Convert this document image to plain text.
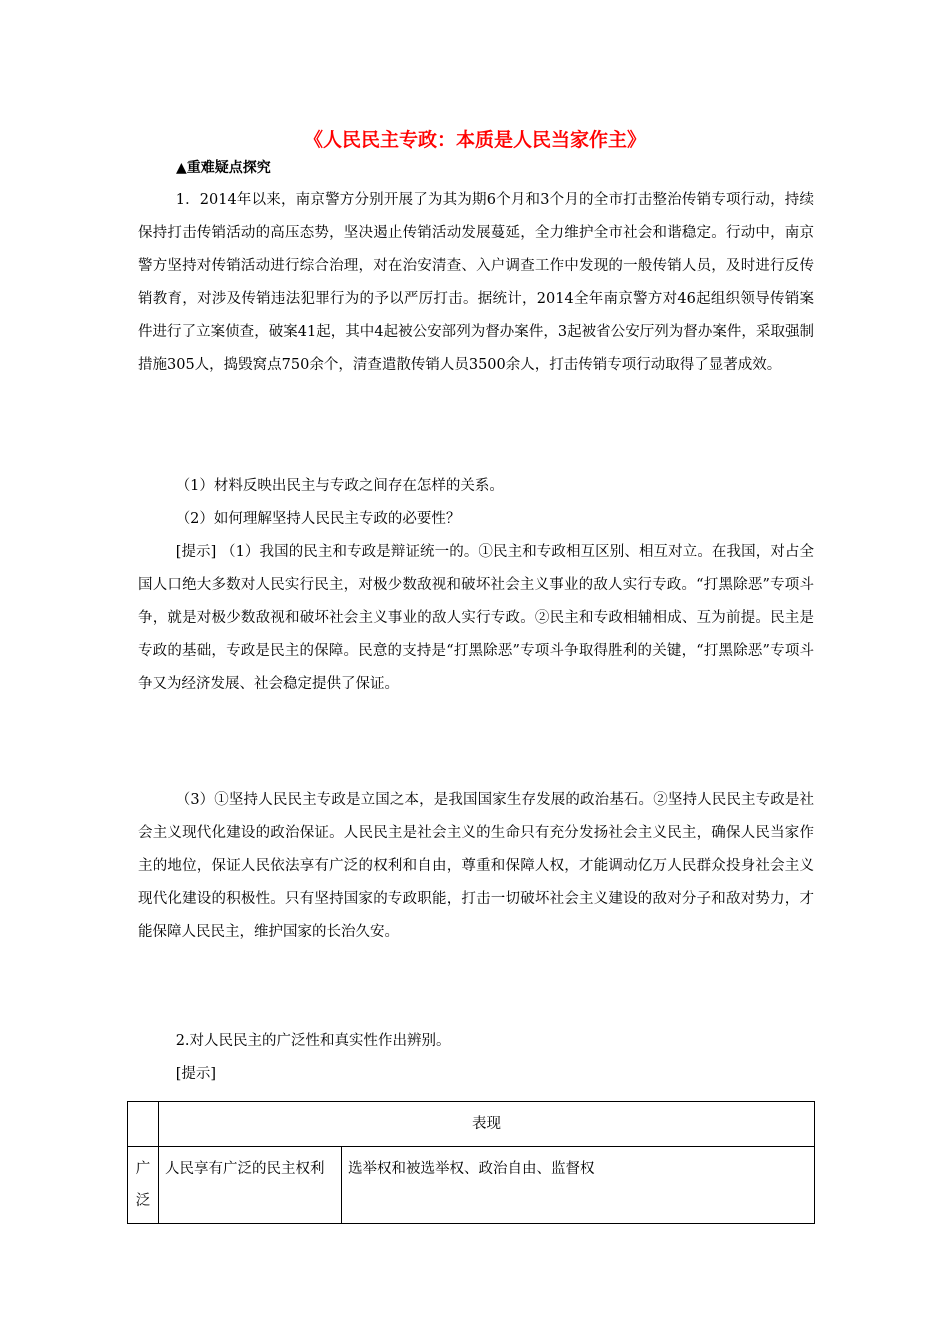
《人民民主专政：本质是人民当家作主》
▲重难疑点探究

1．2014年以来，南京警方分别开展了为其为期6个月和3个月的全市打击整治传销专项行动，持续保持打击传销活动的高压态势，坚决遏止传销活动发展蔓延，全力维护全市社会和谐稳定。行动中，南京警方坚持对传销活动进行综合治理，对在治安清查、入户调查工作中发现的一般传销人员，及时进行反传销教育，对涉及传销违法犯罪行为的予以严厉打击。据统计，2014全年南京警方对46起组织领导传销案件进行了立案侦查，破案41起，其中4起被公安部列为督办案件，3起被省公安厅列为督办案件，采取强制措施305人，捣毁窝点750余个，清查遣散传销人员3500余人，打击传销专项行动取得了显著成效。

（1）材料反映出民主与专政之间存在怎样的关系。

（2）如何理解坚持人民民主专政的必要性？

[提示] （1）我国的民主和专政是辩证统一的。①民主和专政相互区别、相互对立。在我国，对占全国人口绝大多数对人民实行民主，对极少数敌视和破坏社会主义事业的敌人实行专政。“打黑除恶”专项斗争，就是对极少数敌视和破坏社会主义事业的敌人实行专政。②民主和专政相辅相成、互为前提。民主是专政的基础，专政是民主的保障。民意的支持是“打黑除恶”专项斗争取得胜利的关键，“打黑除恶”专项斗争又为经济发展、社会稳定提供了保证。

（3）①坚持人民民主专政是立国之本，是我国国家生存发展的政治基石。②坚持人民民主专政是社会主义现代化建设的政治保证。人民民主是社会主义的生命只有充分发扬社会主义民主，确保人民当家作主的地位，保证人民依法享有广泛的权利和自由，尊重和保障人权，才能调动亿万人民群众投身社会主义现代化建设的积极性。只有坚持国家的专政职能，打击一切破坏社会主义建设的敌对分子和敌对势力，才能保障人民民主，维护国家的长治久安。

2.对人民民主的广泛性和真实性作出辨别。

[提示]

	表现	
广泛	人民享有广泛的民主权利	选举权和被选举权、政治自由、监督权
